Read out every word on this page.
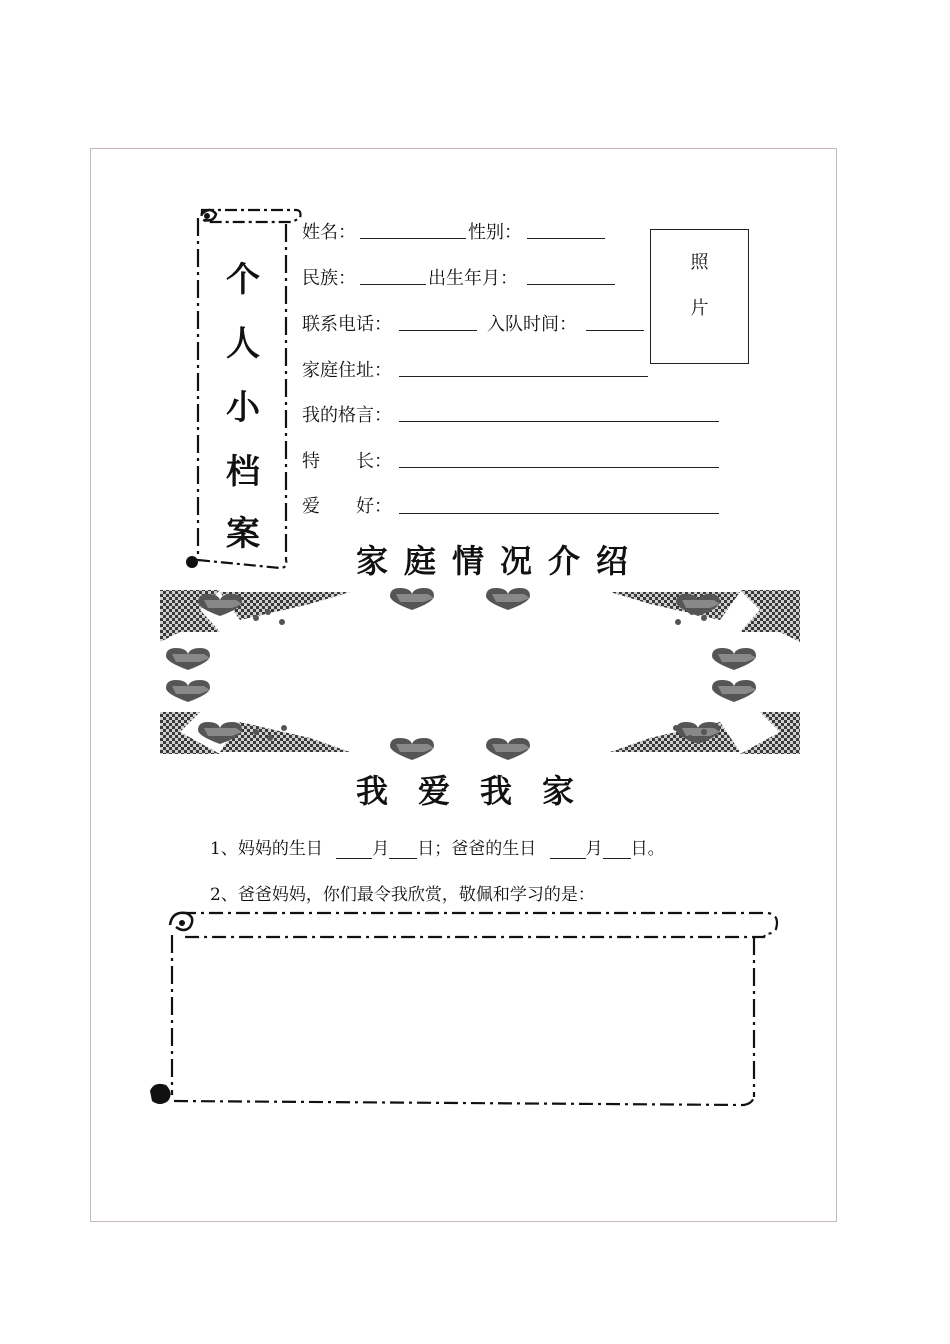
个
人
小
档
案
姓名：	性别：
民族：	出生年月：
联系电话：	入队时间：
家庭住址：
我的格言：
特　　长：
爱　　好：
照
片
家庭情况介绍
我爱我家
1、妈妈的生日	月 日；爸爸的生日	月 日。
2、爸爸妈妈，你们最令我欣赏，敬佩和学习的是：
